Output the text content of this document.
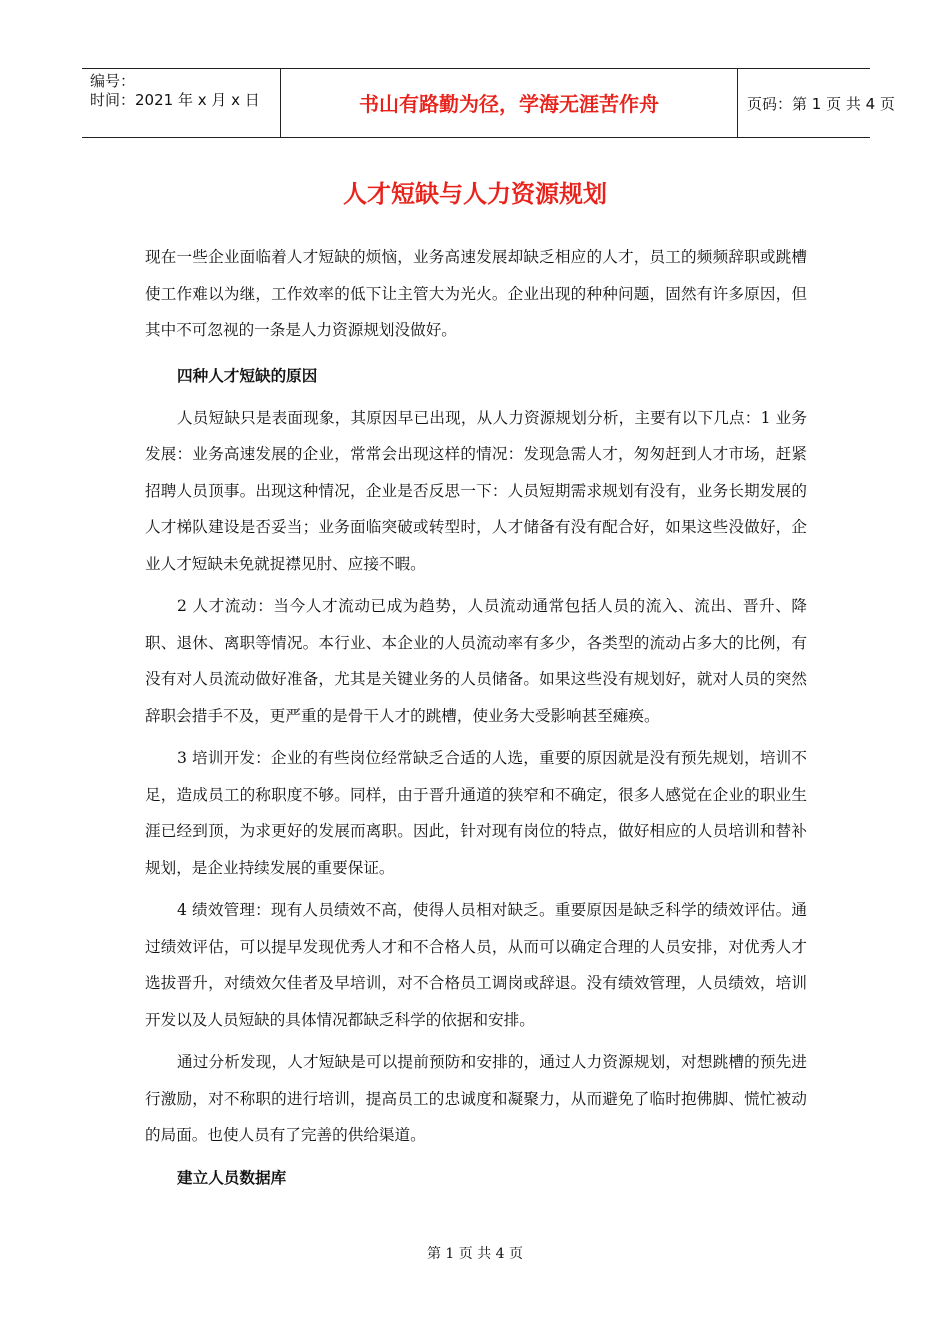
编号：
时间：2021 年 x 月 x 日	书山有路勤为径，学海无涯苦作舟	页码：第 1 页 共 4 页
人才短缺与人力资源规划

现在一些企业面临着人才短缺的烦恼，业务高速发展却缺乏相应的人才，员工的频频辞职或跳槽使工作难以为继，工作效率的低下让主管大为光火。企业出现的种种问题，固然有许多原因，但其中不可忽视的一条是人力资源规划没做好。

四种人才短缺的原因

人员短缺只是表面现象，其原因早已出现，从人力资源规划分析，主要有以下几点：1 业务发展：业务高速发展的企业，常常会出现这样的情况：发现急需人才，匆匆赶到人才市场，赶紧招聘人员顶事。出现这种情况，企业是否反思一下：人员短期需求规划有没有，业务长期发展的人才梯队建设是否妥当；业务面临突破或转型时，人才储备有没有配合好，如果这些没做好，企业人才短缺未免就捉襟见肘、应接不暇。

2 人才流动：当今人才流动已成为趋势，人员流动通常包括人员的流入、流出、晋升、降职、退休、离职等情况。本行业、本企业的人员流动率有多少，各类型的流动占多大的比例，有没有对人员流动做好准备，尤其是关键业务的人员储备。如果这些没有规划好，就对人员的突然辞职会措手不及，更严重的是骨干人才的跳槽，使业务大受影响甚至瘫痪。

3 培训开发：企业的有些岗位经常缺乏合适的人选，重要的原因就是没有预先规划，培训不足，造成员工的称职度不够。同样，由于晋升通道的狭窄和不确定，很多人感觉在企业的职业生涯已经到顶，为求更好的发展而离职。因此，针对现有岗位的特点，做好相应的人员培训和替补规划，是企业持续发展的重要保证。

4 绩效管理：现有人员绩效不高，使得人员相对缺乏。重要原因是缺乏科学的绩效评估。通过绩效评估，可以提早发现优秀人才和不合格人员，从而可以确定合理的人员安排，对优秀人才选拔晋升，对绩效欠佳者及早培训，对不合格员工调岗或辞退。没有绩效管理，人员绩效，培训开发以及人员短缺的具体情况都缺乏科学的依据和安排。

通过分析发现，人才短缺是可以提前预防和安排的，通过人力资源规划，对想跳槽的预先进行激励，对不称职的进行培训，提高员工的忠诚度和凝聚力，从而避免了临时抱佛脚、慌忙被动的局面。也使人员有了完善的供给渠道。

建立人员数据库
第 1 页 共 4 页
